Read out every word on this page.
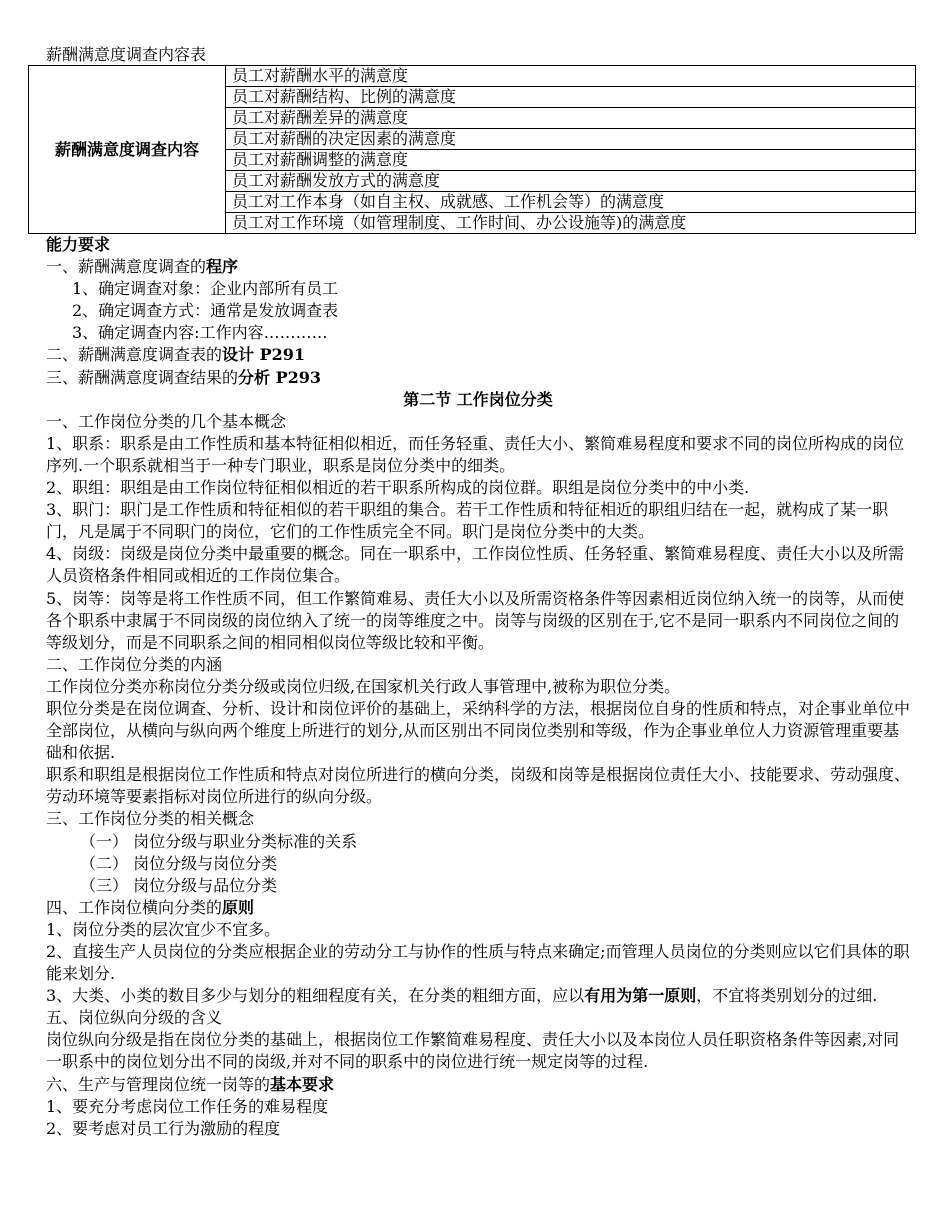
薪酬满意度调查内容表
薪酬满意度调查内容	员工对薪酬水平的满意度
员工对薪酬结构、比例的满意度
员工对薪酬差异的满意度
员工对薪酬的决定因素的满意度
员工对薪酬调整的满意度
员工对薪酬发放方式的满意度
员工对工作本身（如自主权、成就感、工作机会等）的满意度
员工对工作环境（如管理制度、工作时间、办公设施等)的满意度
能力要求
一、薪酬满意度调查的程序
1、确定调查对象：企业内部所有员工
2、确定调查方式：通常是发放调查表
3、确定调查内容:工作内容…………
二、薪酬满意度调查表的设计 P291
三、薪酬满意度调查结果的分析 P293
第二节 工作岗位分类
一、工作岗位分类的几个基本概念
1、职系：职系是由工作性质和基本特征相似相近，而任务轻重、责任大小、繁简难易程度和要求不同的岗位所构成的岗位序列.一个职系就相当于一种专门职业，职系是岗位分类中的细类。
2、职组：职组是由工作岗位特征相似相近的若干职系所构成的岗位群。职组是岗位分类中的中小类.
3、职门：职门是工作性质和特征相似的若干职组的集合。若干工作性质和特征相近的职组归结在一起，就构成了某一职门，凡是属于不同职门的岗位，它们的工作性质完全不同。职门是岗位分类中的大类。
4、岗级：岗级是岗位分类中最重要的概念。同在一职系中，工作岗位性质、任务轻重、繁简难易程度、责任大小以及所需人员资格条件相同或相近的工作岗位集合。
5、岗等：岗等是将工作性质不同，但工作繁简难易、责任大小以及所需资格条件等因素相近岗位纳入统一的岗等，从而使各个职系中隶属于不同岗级的岗位纳入了统一的岗等维度之中。岗等与岗级的区别在于,它不是同一职系内不同岗位之间的等级划分，而是不同职系之间的相同相似岗位等级比较和平衡。
二、工作岗位分类的内涵
工作岗位分类亦称岗位分类分级或岗位归级,在国家机关行政人事管理中,被称为职位分类。
职位分类是在岗位调查、分析、设计和岗位评价的基础上，采纳科学的方法，根据岗位自身的性质和特点，对企事业单位中全部岗位，从横向与纵向两个维度上所进行的划分,从而区别出不同岗位类别和等级，作为企事业单位人力资源管理重要基础和依据.
职系和职组是根据岗位工作性质和特点对岗位所进行的横向分类，岗级和岗等是根据岗位责任大小、技能要求、劳动强度、劳动环境等要素指标对岗位所进行的纵向分级。
三、工作岗位分类的相关概念
（一） 岗位分级与职业分类标准的关系
（二） 岗位分级与岗位分类
（三） 岗位分级与品位分类
四、工作岗位横向分类的原则
1、岗位分类的层次宜少不宜多。
2、直接生产人员岗位的分类应根据企业的劳动分工与协作的性质与特点来确定;而管理人员岗位的分类则应以它们具体的职能来划分.
3、大类、小类的数目多少与划分的粗细程度有关，在分类的粗细方面，应以有用为第一原则，不宜将类别划分的过细.
五、岗位纵向分级的含义
岗位纵向分级是指在岗位分类的基础上，根据岗位工作繁简难易程度、责任大小以及本岗位人员任职资格条件等因素,对同一职系中的岗位划分出不同的岗级,并对不同的职系中的岗位进行统一规定岗等的过程.
六、生产与管理岗位统一岗等的基本要求
1、要充分考虑岗位工作任务的难易程度
2、要考虑对员工行为激励的程度
